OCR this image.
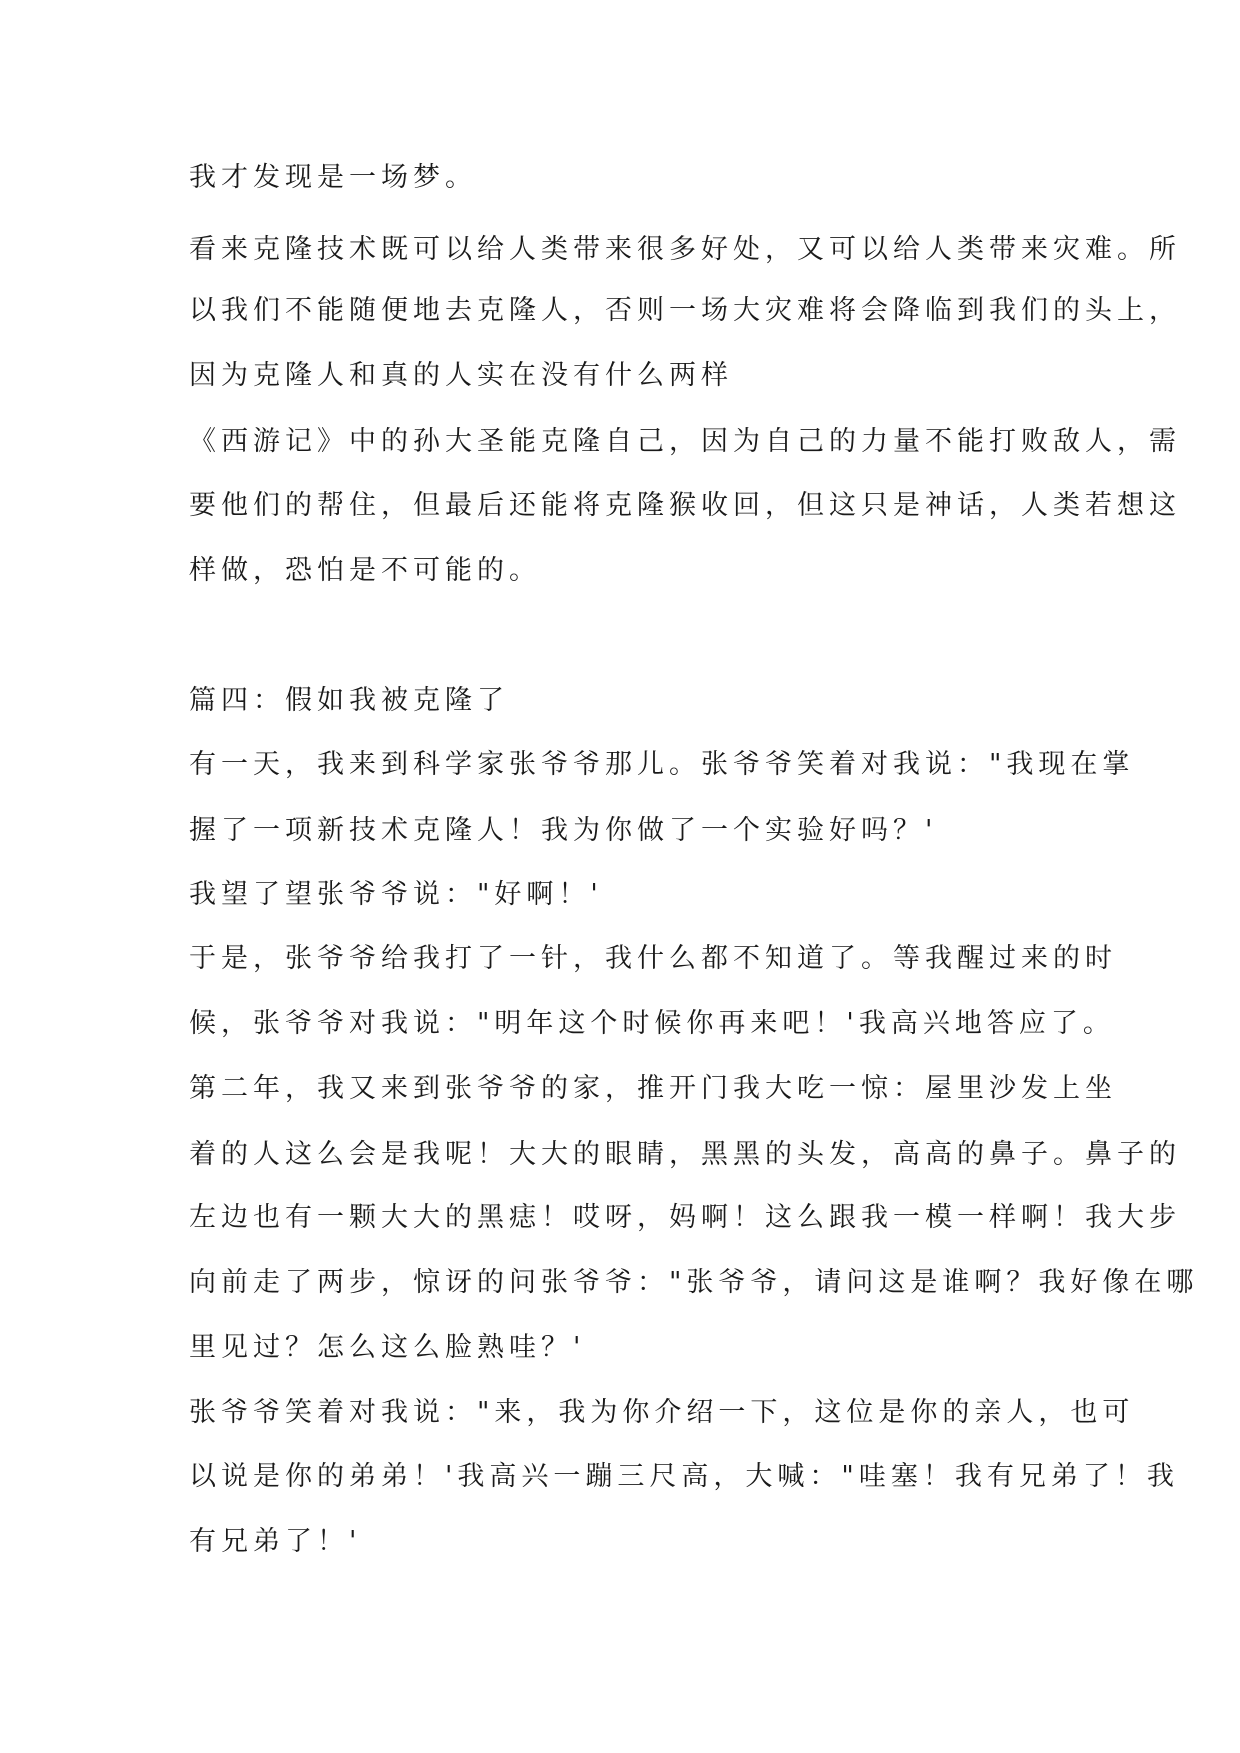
我才发现是一场梦。
看来克隆技术既可以给人类带来很多好处，又可以给人类带来灾难。所
以我们不能随便地去克隆人，否则一场大灾难将会降临到我们的头上，
因为克隆人和真的人实在没有什么两样
《西游记》中的孙大圣能克隆自己，因为自己的力量不能打败敌人，需
要他们的帮住，但最后还能将克隆猴收回，但这只是神话，人类若想这
样做，恐怕是不可能的。
篇四：假如我被克隆了
有一天，我来到科学家张爷爷那儿。张爷爷笑着对我说："我现在掌
握了一项新技术克隆人！我为你做了一个实验好吗？'
我望了望张爷爷说："好啊！'
于是，张爷爷给我打了一针，我什么都不知道了。等我醒过来的时
候，张爷爷对我说："明年这个时候你再来吧！'我高兴地答应了。
第二年，我又来到张爷爷的家，推开门我大吃一惊：屋里沙发上坐
着的人这么会是我呢！大大的眼睛，黑黑的头发，高高的鼻子。鼻子的
左边也有一颗大大的黑痣！哎呀，妈啊！这么跟我一模一样啊！我大步
向前走了两步，惊讶的问张爷爷："张爷爷，请问这是谁啊？我好像在哪
里见过？怎么这么脸熟哇？'
张爷爷笑着对我说："来，我为你介绍一下，这位是你的亲人，也可
以说是你的弟弟！'我高兴一蹦三尺高，大喊："哇塞！我有兄弟了！我
有兄弟了！'
